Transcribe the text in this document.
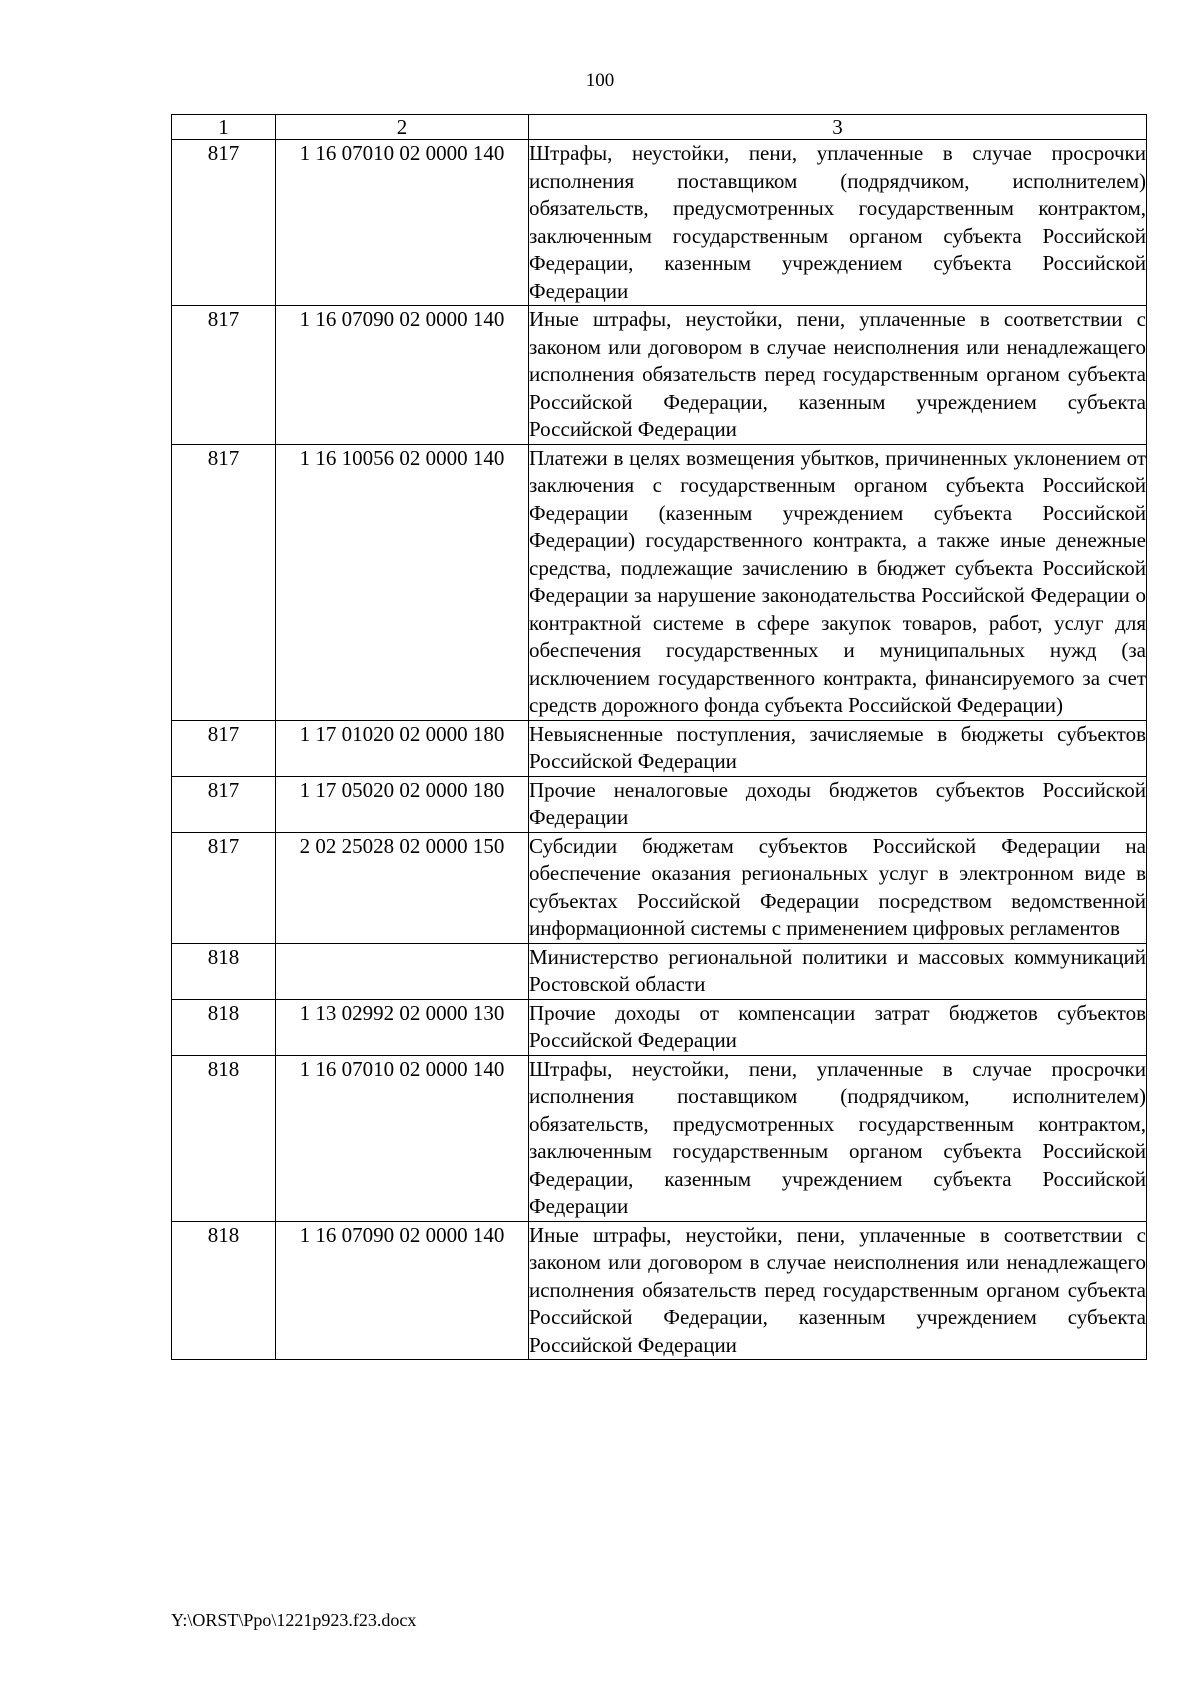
100
1	2	3
817	1 16 07010 02 0000 140	Штрафы, неустойки, пени, уплаченные в случае просрочки исполнения поставщиком (подрядчиком, исполнителем) обязательств, предусмотренных государственным контрактом, заключенным государственным органом субъекта Российской Федерации, казенным учреждением субъекта Российской Федерации
817	1 16 07090 02 0000 140	Иные штрафы, неустойки, пени, уплаченные в соответствии с законом или договором в случае неисполнения или ненадлежащего исполнения обязательств перед государственным органом субъекта Российской Федерации, казенным учреждением субъекта Российской Федерации
817	1 16 10056 02 0000 140	Платежи в целях возмещения убытков, причиненных уклонением от заключения с государственным органом субъекта Российской Федерации (казенным учреждением субъекта Российской Федерации) государственного контракта, а также иные денежные средства, подлежащие зачислению в бюджет субъекта Российской Федерации за нарушение законодательства Российской Федерации о контрактной системе в сфере закупок товаров, работ, услуг для обеспечения государственных и муниципальных нужд (за исключением государственного контракта, финансируемого за счет средств дорожного фонда субъекта Российской Федерации)
817	1 17 01020 02 0000 180	Невыясненные поступления, зачисляемые в бюджеты субъектов Российской Федерации
817	1 17 05020 02 0000 180	Прочие неналоговые доходы бюджетов субъектов Российской Федерации
817	2 02 25028 02 0000 150	Субсидии бюджетам субъектов Российской Федерации на обеспечение оказания региональных услуг в электронном виде в субъектах Российской Федерации посредством ведомственной информационной системы с применением цифровых регламентов
818		Министерство региональной политики и массовых коммуникаций Ростовской области
818	1 13 02992 02 0000 130	Прочие доходы от компенсации затрат бюджетов субъектов Российской Федерации
818	1 16 07010 02 0000 140	Штрафы, неустойки, пени, уплаченные в случае просрочки исполнения поставщиком (подрядчиком, исполнителем) обязательств, предусмотренных государственным контрактом, заключенным государственным органом субъекта Российской Федерации, казенным учреждением субъекта Российской Федерации
818	1 16 07090 02 0000 140	Иные штрафы, неустойки, пени, уплаченные в соответствии с законом или договором в случае неисполнения или ненадлежащего исполнения обязательств перед государственным органом субъекта Российской Федерации, казенным учреждением субъекта Российской Федерации
Y:\ORST\Ppo\1221p923.f23.docx
